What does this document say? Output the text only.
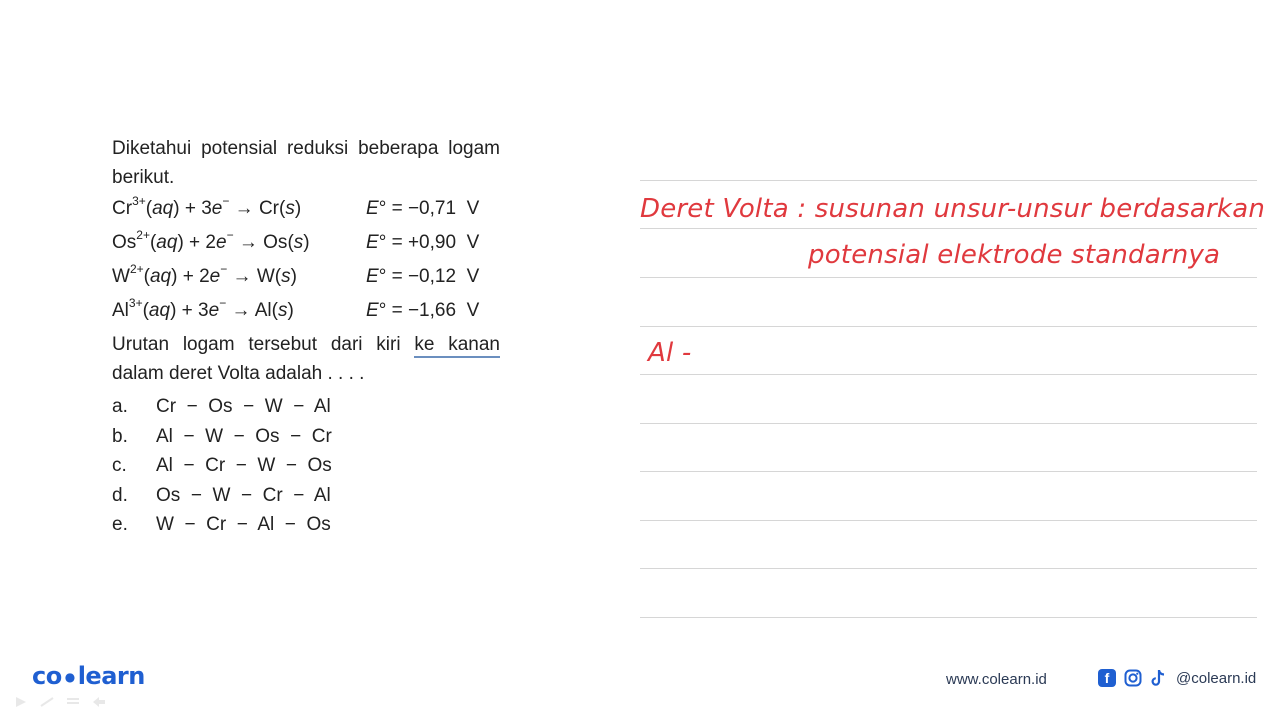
Diketahui potensial reduksi beberapa logam berikut.
$Cr^{3+}(aq) + 3e^- \to Cr(s)$	E° = −0,71 V
$Os^{2+}(aq) + 2e^- \to Os(s)$	E° = +0,90 V
$W^{2+}(aq) + 2e^- \to W(s)$	E° = −0,12 V
$Al^{3+}(aq) + 3e^- \to Al(s)$	E° = −1,66 V
Urutan logam tersebut dari kiri ke kanan dalam deret Volta adalah . . . .
a.	Cr  −  Os  −  W  −  Al
b.	Al  −  W  −  Os  −  Cr
c.	Al  −  Cr  −  W  −  Os
d.	Os  −  W  −  Cr  −  Al
e.	W  −  Cr  −  Al  −  Os
Deret Volta : susunan unsur-unsur berdasarkan
potensial elektrode standarnya
Al -
co ● learn	www.colearn.id	f	@colearn.id
